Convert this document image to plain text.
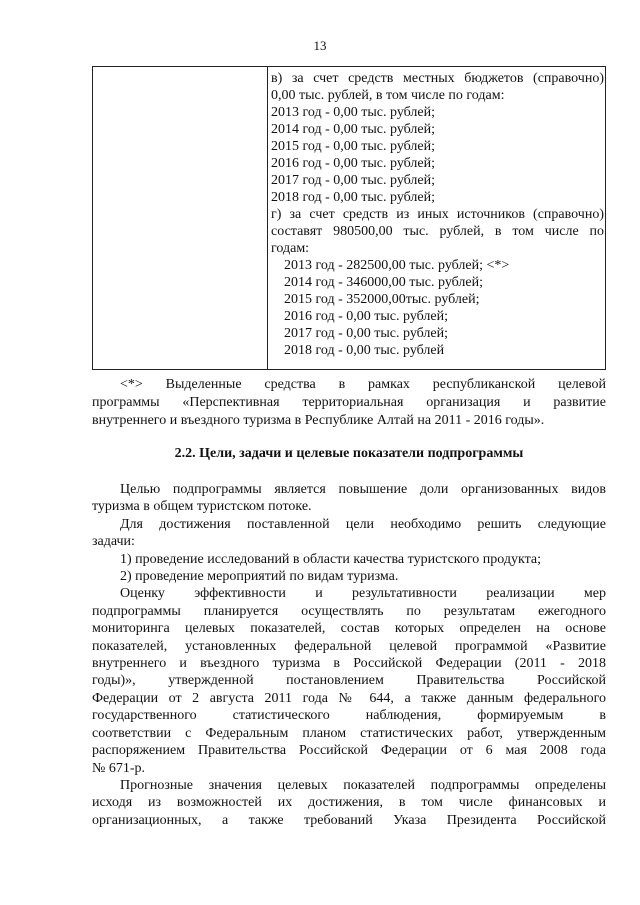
13
в) за счет средств местных бюджетов (справочно)
0,00 тыс. рублей, в том числе по годам:
2013 год - 0,00 тыс. рублей;
2014 год - 0,00 тыс. рублей;
2015 год - 0,00 тыс. рублей;
2016 год - 0,00 тыс. рублей;
2017 год - 0,00 тыс. рублей;
2018 год - 0,00 тыс. рублей;
г) за счет средств из иных источников (справочно)
составят 980500,00 тыс. рублей, в том числе по
годам:
2013 год - 282500,00 тыс. рублей; <*>
2014 год - 346000,00 тыс. рублей;
2015 год - 352000,00тыс. рублей;
2016 год - 0,00 тыс. рублей;
2017 год - 0,00 тыс. рублей;
2018 год - 0,00 тыс. рублей
<*> Выделенные средства в рамках республиканской целевой
программы «Перспективная территориальная организация и развитие
внутреннего и въездного туризма в Республике Алтай на 2011 - 2016 годы».
2.2. Цели, задачи и целевые показатели подпрограммы
Целью подпрограммы является повышение доли организованных видов
туризма в общем туристском потоке.
Для достижения поставленной цели необходимо решить следующие
задачи:
1) проведение исследований в области качества туристского продукта;
2) проведение мероприятий по видам туризма.
Оценку эффективности и результативности реализации мер
подпрограммы планируется осуществлять по результатам ежегодного
мониторинга целевых показателей, состав которых определен на основе
показателей, установленных федеральной целевой программой «Развитие
внутреннего и въездного туризма в Российской Федерации (2011 - 2018
годы)», утвержденной постановлением Правительства Российской
Федерации от 2 августа 2011 года № 644, а также данным федерального
государственного статистического наблюдения, формируемым в
соответствии с Федеральным планом статистических работ, утвержденным
распоряжением Правительства Российской Федерации от 6 мая 2008 года
№ 671-р.
Прогнозные значения целевых показателей подпрограммы определены
исходя из возможностей их достижения, в том числе финансовых и
организационных, а также требований Указа Президента Российской
